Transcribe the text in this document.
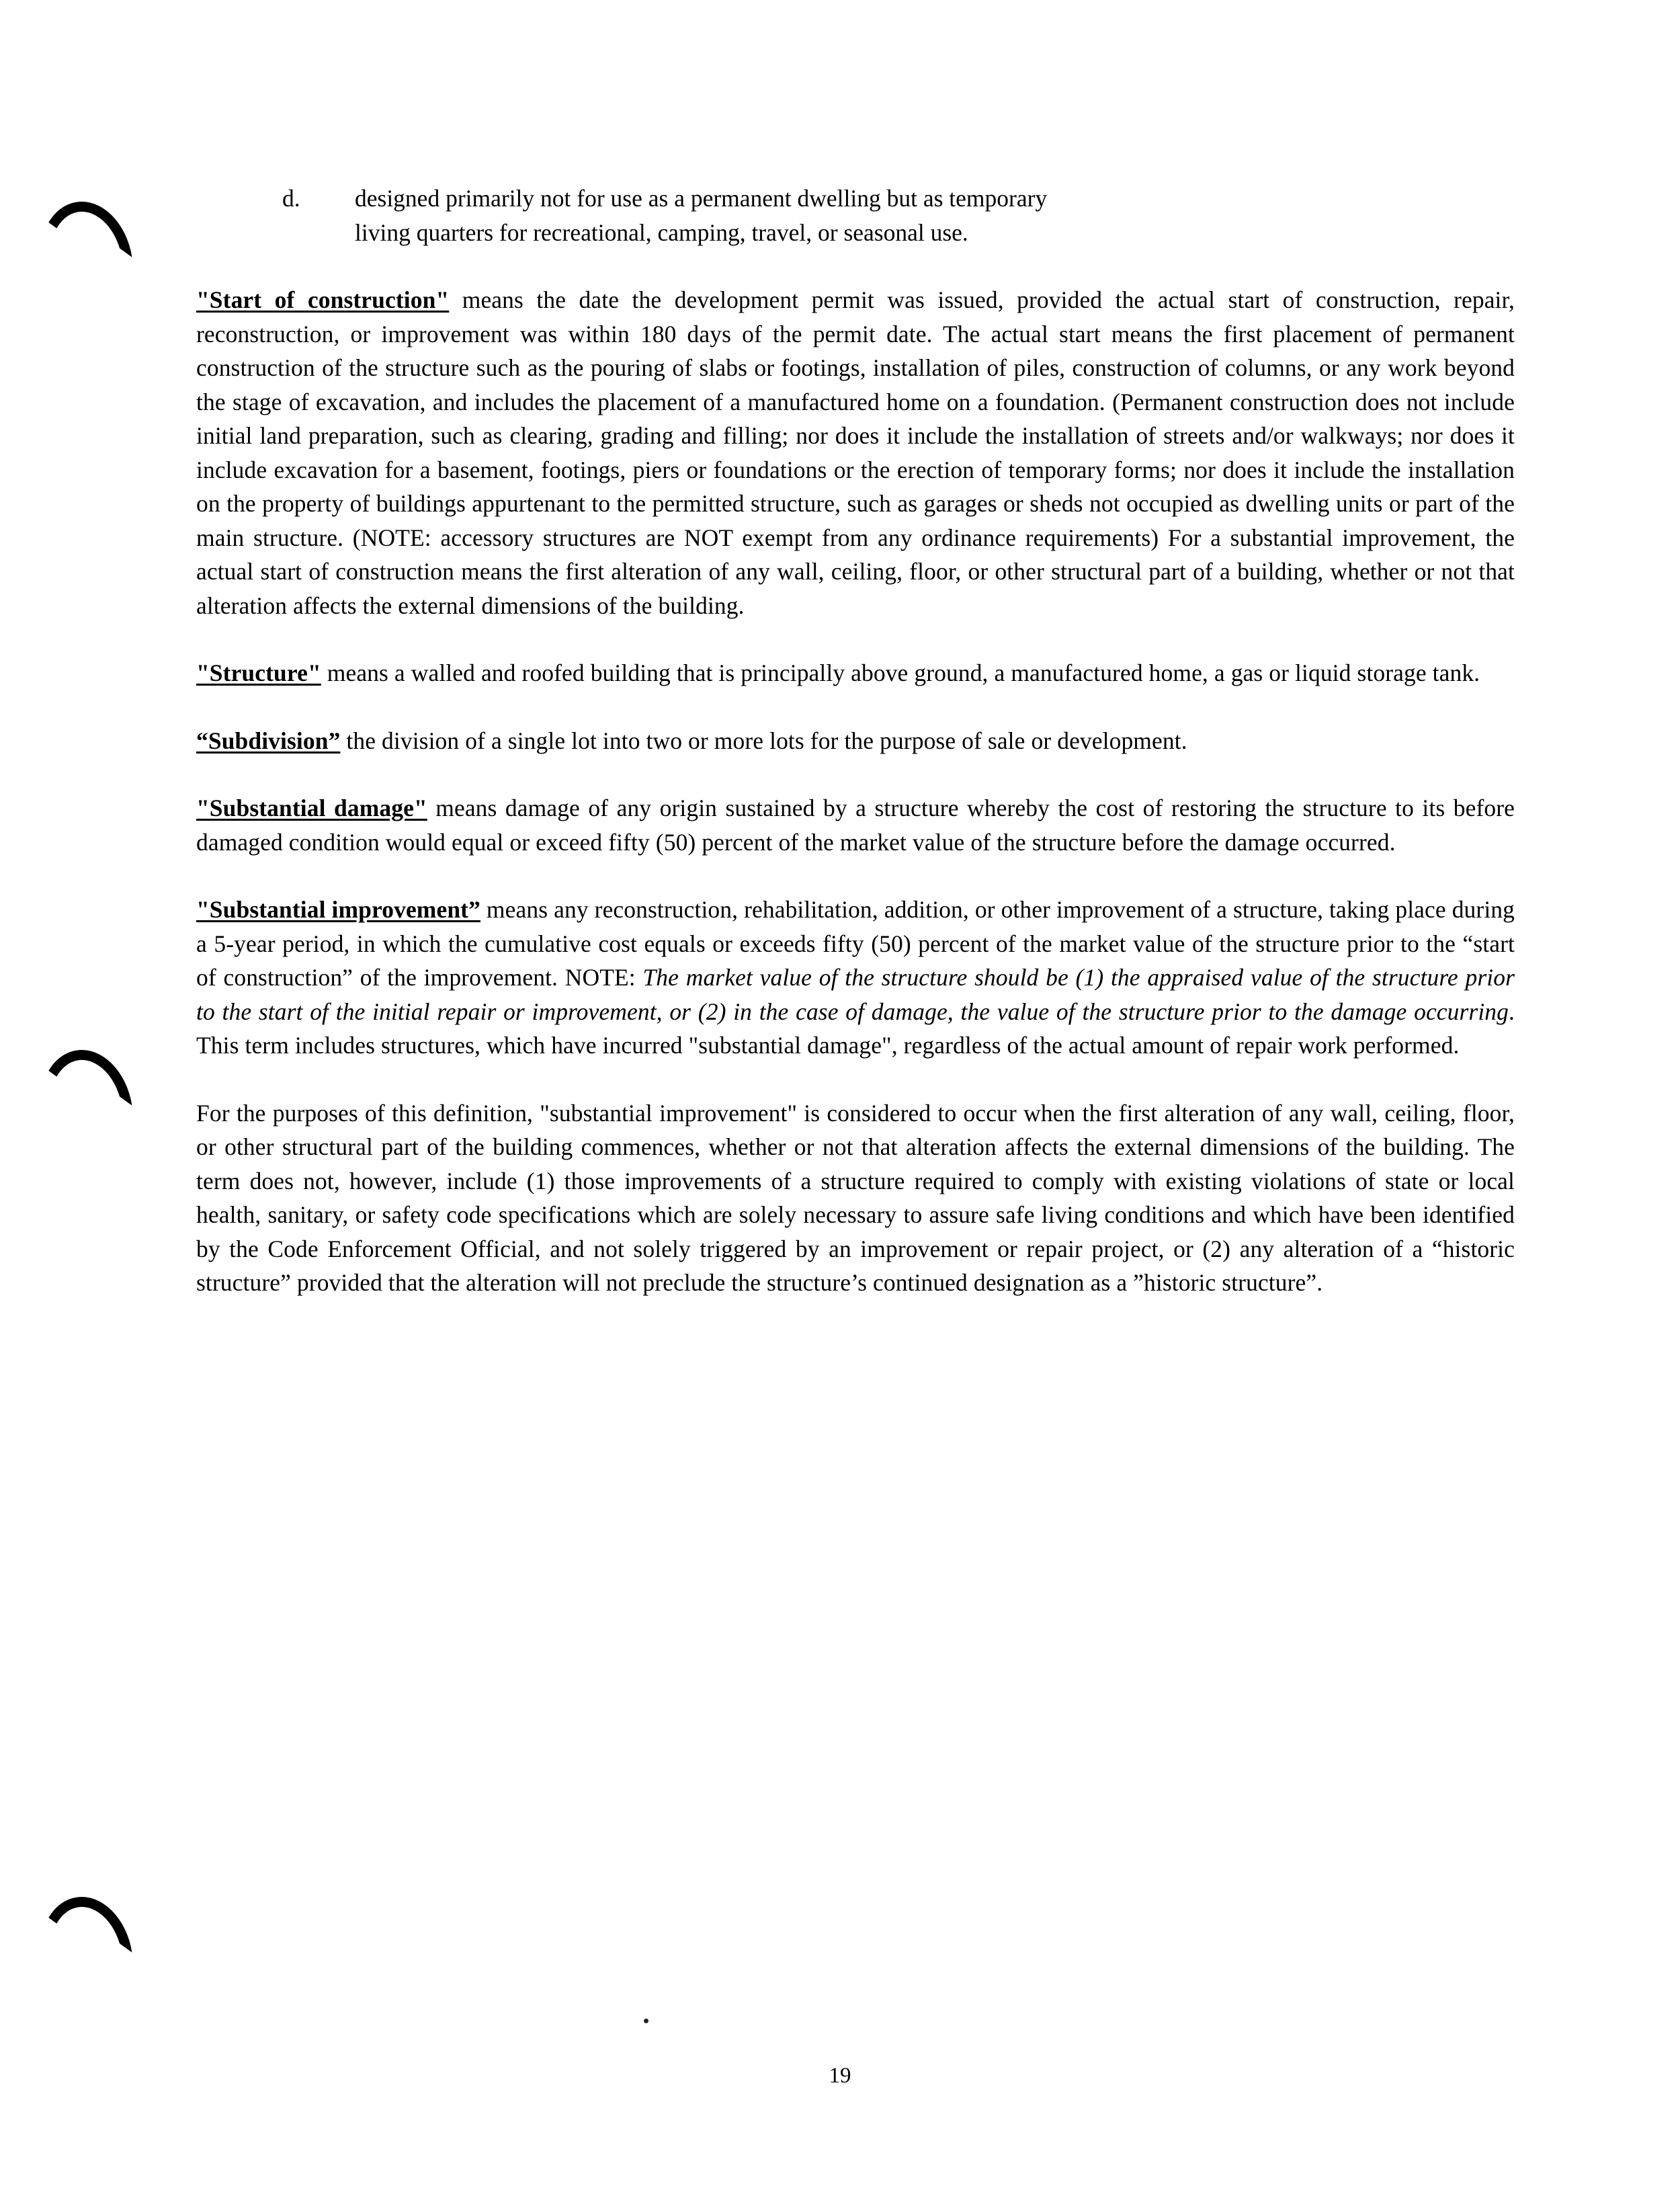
d.	designed primarily not for use as a permanent dwelling but as temporary
living quarters for recreational, camping, travel, or seasonal use.

"Start of construction" means the date the development permit was issued, provided the actual start of construction, repair, reconstruction, or improvement was within 180 days of the permit date. The actual start means the first placement of permanent construction of the structure such as the pouring of slabs or footings, installation of piles, construction of columns, or any work beyond the stage of excavation, and includes the placement of a manufactured home on a foundation. (Permanent construction does not include initial land preparation, such as clearing, grading and filling; nor does it include the installation of streets and/or walkways; nor does it include excavation for a basement, footings, piers or foundations or the erection of temporary forms; nor does it include the installation on the property of buildings appurtenant to the permitted structure, such as garages or sheds not occupied as dwelling units or part of the main structure. (NOTE: accessory structures are NOT exempt from any ordinance requirements) For a substantial improvement, the actual start of construction means the first alteration of any wall, ceiling, floor, or other structural part of a building, whether or not that alteration affects the external dimensions of the building.

"Structure" means a walled and roofed building that is principally above ground, a manufactured home, a gas or liquid storage tank.

“Subdivision” the division of a single lot into two or more lots for the purpose of sale or development.

"Substantial damage" means damage of any origin sustained by a structure whereby the cost of restoring the structure to its before damaged condition would equal or exceed fifty (50) percent of the market value of the structure before the damage occurred.

"Substantial improvement” means any reconstruction, rehabilitation, addition, or other improvement of a structure, taking place during a 5-year period, in which the cumulative cost equals or exceeds fifty (50) percent of the market value of the structure prior to the “start of construction” of the improvement. NOTE: The market value of the structure should be (1) the appraised value of the structure prior to the start of the initial repair or improvement, or (2) in the case of damage, the value of the structure prior to the damage occurring. This term includes structures, which have incurred "substantial damage", regardless of the actual amount of repair work performed.

For the purposes of this definition, "substantial improvement" is considered to occur when the first alteration of any wall, ceiling, floor, or other structural part of the building commences, whether or not that alteration affects the external dimensions of the building. The term does not, however, include (1) those improvements of a structure required to comply with existing violations of state or local health, sanitary, or safety code specifications which are solely necessary to assure safe living conditions and which have been identified by the Code Enforcement Official, and not solely triggered by an improvement or repair project, or (2) any alteration of a “historic structure” provided that the alteration will not preclude the structure’s continued designation as a ”historic structure”.

19
